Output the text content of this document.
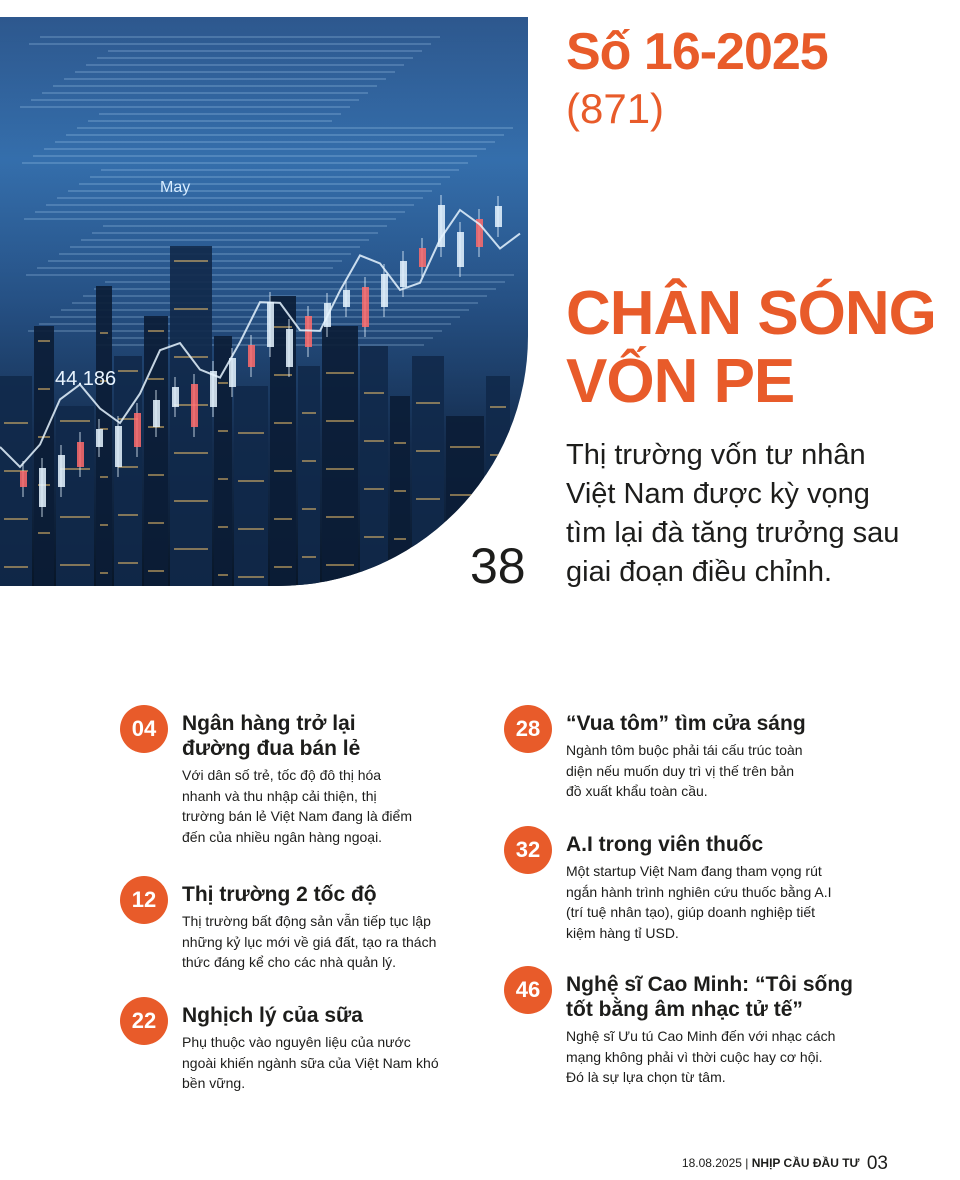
May
44.186
38
Số 16-2025
(871)
CHÂN SÓNG
VỐN PE

Thị trường vốn tư nhân
Việt Nam được kỳ vọng
tìm lại đà tăng trưởng sau
giai đoạn điều chỉnh.

04	Ngân hàng trở lại
đường đua bán lẻ

Với dân số trẻ, tốc độ đô thị hóa
nhanh và thu nhập cải thiện, thị
trường bán lẻ Việt Nam đang là điểm
đến của nhiều ngân hàng ngoại.

12	Thị trường 2 tốc độ

Thị trường bất động sản vẫn tiếp tục lập
những kỷ lục mới về giá đất, tạo ra thách
thức đáng kể cho các nhà quản lý.

22	Nghịch lý của sữa

Phụ thuộc vào nguyên liệu của nước
ngoài khiến ngành sữa của Việt Nam khó
bền vững.

28	“Vua tôm” tìm cửa sáng

Ngành tôm buộc phải tái cấu trúc toàn
diện nếu muốn duy trì vị thế trên bản
đồ xuất khẩu toàn cầu.

32	A.I trong viên thuốc

Một startup Việt Nam đang tham vọng rút
ngắn hành trình nghiên cứu thuốc bằng A.I
(trí tuệ nhân tạo), giúp doanh nghiệp tiết
kiệm hàng tỉ USD.

46	Nghệ sĩ Cao Minh: “Tôi sống
tốt bằng âm nhạc tử tế”

Nghệ sĩ Ưu tú Cao Minh đến với nhạc cách
mạng không phải vì thời cuộc hay cơ hội.
Đó là sự lựa chọn từ tâm.

18.08.2025 | NHỊP CẦU ĐẦU TƯ 03
